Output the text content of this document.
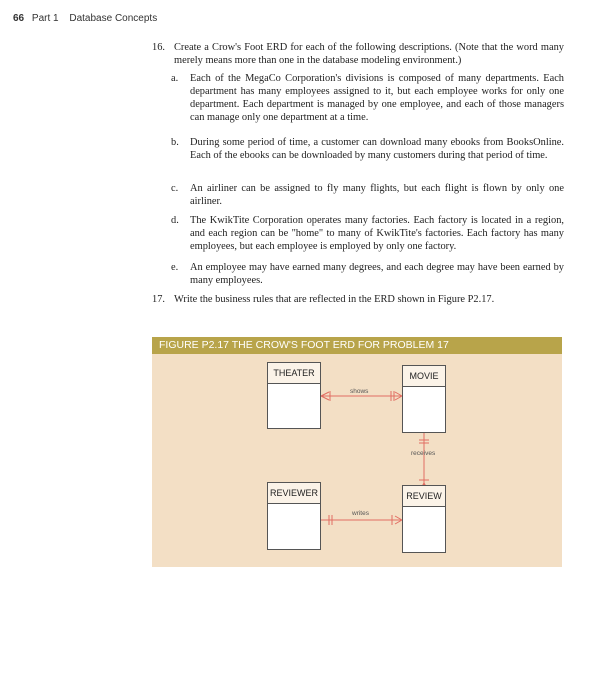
66 Part 1 Database Concepts
16. Create a Crow's Foot ERD for each of the following descriptions. (Note that the word many merely means more than one in the database modeling environment.)
a. Each of the MegaCo Corporation's divisions is composed of many departments. Each department has many employees assigned to it, but each employee works for only one department. Each department is managed by one employee, and each of those managers can manage only one department at a time.
b. During some period of time, a customer can download many ebooks from BooksOnline. Each of the ebooks can be downloaded by many customers during that period of time.
c. An airliner can be assigned to fly many flights, but each flight is flown by only one airliner.
d. The KwikTite Corporation operates many factories. Each factory is located in a region, and each region can be "home" to many of KwikTite's factories. Each factory has many employees, but each employee is employed by only one factory.
e. An employee may have earned many degrees, and each degree may have been earned by many employees.
17. Write the business rules that are reflected in the ERD shown in Figure P2.17.
FIGURE P2.17 THE CROW'S FOOT ERD FOR PROBLEM 17
THEATER	MOVIE
REVIEWER	REVIEW
shows
receives
writes
